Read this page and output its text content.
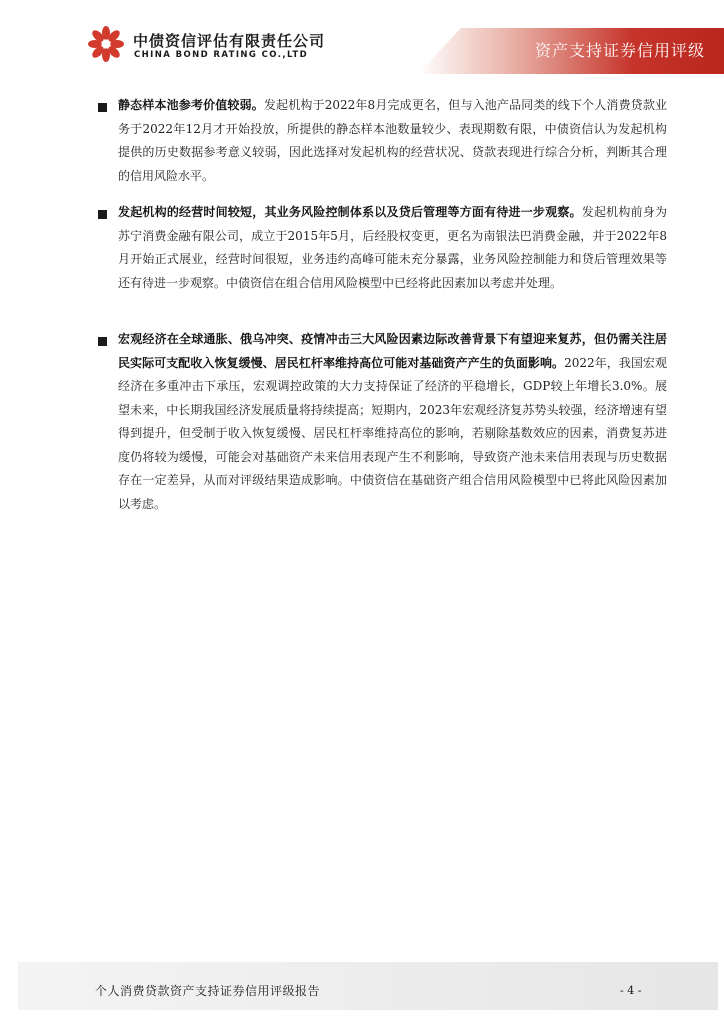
中债资信评估有限责任公司
CHINA BOND RATING CO.,LTD	资产支持证券信用评级
静态样本池参考价值较弱。发起机构于2022年8月完成更名，但与入池产品同类的线下个人消费贷款业务于2022年12月才开始投放，所提供的静态样本池数量较少、表现期数有限，中债资信认为发起机构提供的历史数据参考意义较弱，因此选择对发起机构的经营状况、贷款表现进行综合分析，判断其合理的信用风险水平。
发起机构的经营时间较短，其业务风险控制体系以及贷后管理等方面有待进一步观察。发起机构前身为苏宁消费金融有限公司，成立于2015年5月，后经股权变更，更名为南银法巴消费金融，并于2022年8月开始正式展业，经营时间很短，业务违约高峰可能未充分暴露，业务风险控制能力和贷后管理效果等还有待进一步观察。中债资信在组合信用风险模型中已经将此因素加以考虑并处理。
宏观经济在全球通胀、俄乌冲突、疫情冲击三大风险因素边际改善背景下有望迎来复苏，但仍需关注居民实际可支配收入恢复缓慢、居民杠杆率维持高位可能对基础资产产生的负面影响。2022年，我国宏观经济在多重冲击下承压，宏观调控政策的大力支持保证了经济的平稳增长，GDP较上年增长3.0%。展望未来，中长期我国经济发展质量将持续提高；短期内，2023年宏观经济复苏势头较强，经济增速有望得到提升，但受制于收入恢复缓慢、居民杠杆率维持高位的影响，若剔除基数效应的因素，消费复苏进度仍将较为缓慢，可能会对基础资产未来信用表现产生不利影响，导致资产池未来信用表现与历史数据存在一定差异，从而对评级结果造成影响。中债资信在基础资产组合信用风险模型中已将此风险因素加以考虑。
个人消费贷款资产支持证券信用评级报告	- 4 -
